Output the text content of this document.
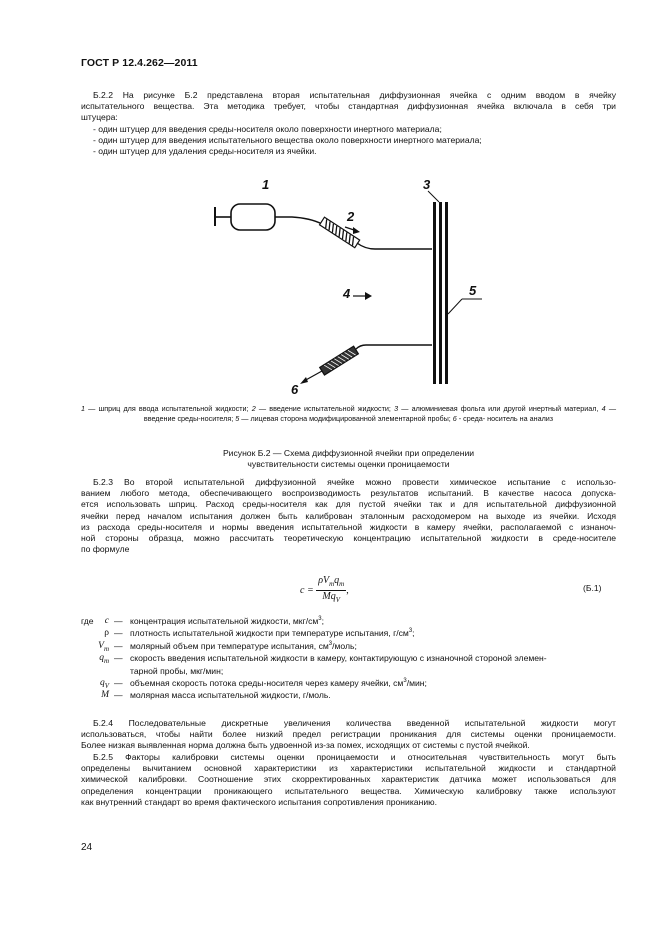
ГОСТ Р 12.4.262—2011
Б.2.2 На рисунке Б.2 представлена вторая испытательная диффузионная ячейка с одним вводом в ячейку
испытательного вещества. Эта методика требует, чтобы стандартная диффузионная ячейка включала в себя три
штуцера:
- один штуцер для введения среды-носителя около поверхности инертного материала;
- один штуцер для введения испытательного вещества около поверхности инертного материала;
- один штуцер для удаления среды-носителя из ячейки.
1
2
3
4	5
6
1 — шприц для ввода испытательной жидкости; 2 — введение испытательной жидкости; 3 — алюминиевая фольга или другой инертный материал, 4 — введение среды-носителя; 5 — лицевая сторона модифицированной элементарной пробы; 6 - среда- носитель на анализ
Рисунок Б.2 — Схема диффузионной ячейки при определении
чувствительности системы оценки проницаемости
Б.2.3 Во второй испытательной диффузионной ячейке можно провести химическое испытание с использо-
ванием любого метода, обеспечивающего воспроизводимость результатов испытаний. В качестве насоса допуска-
ется использовать шприц. Расход среды-носителя как для пустой ячейки так и для испытательной диффузионной
ячейки перед началом испытания должен быть калиброван эталонным расходомером на выходе из ячейки. Исходя
из расхода среды-носителя и нормы введения испытательной жидкости в камеру ячейки, располагаемой с изнаноч-
ной стороны образца, можно рассчитать теоретическую концентрацию испытательной жидкости в среде-носителе
по формуле
$c = \frac{\rho V_mq_m}{Mq_V}$ ,	(Б.1)
где	c — концентрация испытательной жидкости, мкг/$см^3$;
ρ — плотность испытательной жидкости при температуре испытания, $г/см^3$;
$V_m$ — молярный объем при температуре испытания, $см^3$/моль;
$q_m$ — скорость введения испытательной жидкости в камеру, контактирующую с изнаночной стороной элемен-
тарной пробы, мкг/мин;
$q_V$ — объемная скорость потока среды-носителя через камеру ячейки, $см^3$/мин;
M — молярная масса испытательной жидкости, г/моль.
Б.2.4 Последовательные дискретные увеличения количества введенной испытательной жидкости могут
использоваться, чтобы найти более низкий предел регистрации проникания для системы оценки проницаемости.
Более низкая выявленная норма должна быть удвоенной из-за помех, исходящих от системы с пустой ячейкой.
Б.2.5 Факторы калибровки системы оценки проницаемости и относительная чувствительность могут быть
определены вычитанием основной характеристики из характеристики испытательной жидкости и стандартной
химической калибровки. Соотношение этих скорректированных характеристик датчика может использоваться для
определения концентрации проникающего испытательного вещества. Химическую калибровку также используют
как внутренний стандарт во время фактического испытания сопротивления прониканию.
24
